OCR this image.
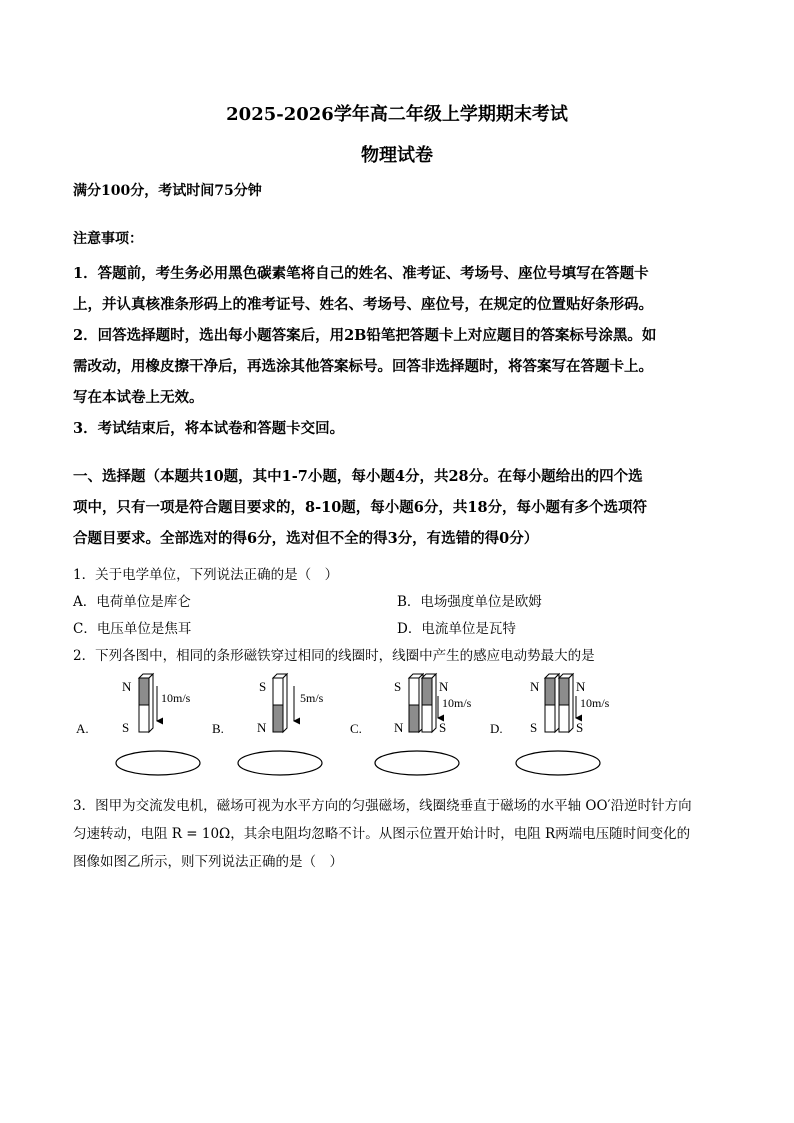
2025-2026学年高二年级上学期期末考试
物理试卷
满分100分，考试时间75分钟
注意事项：
1．答题前，考生务必用黑色碳素笔将自己的姓名、准考证、考场号、座位号填写在答题卡
上，并认真核准条形码上的准考证号、姓名、考场号、座位号，在规定的位置贴好条形码。
2．回答选择题时，选出每小题答案后，用2B铅笔把答题卡上对应题目的答案标号涂黑。如
需改动，用橡皮擦干净后，再选涂其他答案标号。回答非选择题时，将答案写在答题卡上。
写在本试卷上无效。
3．考试结束后，将本试卷和答题卡交回。
一、选择题（本题共10题，其中1-7小题，每小题4分，共28分。在每小题给出的四个选
项中，只有一项是符合题目要求的，8-10题，每小题6分，共18分，每小题有多个选项符
合题目要求。全部选对的得6分，选对但不全的得3分，有选错的得0分）
1．关于电学单位，下列说法正确的是（　）
A．电荷单位是库仑	B．电场强度单位是欧姆
C．电压单位是焦耳	D．电流单位是瓦特
2．下列各图中，相同的条形磁铁穿过相同的线圈时，线圈中产生的感应电动势最大的是
A.
N
S
10m/s
B.
S
N
5m/s
C.
S
N
N
S
10m/s
D.
N
S
N
S
10m/s
3．图甲为交流发电机，磁场可视为水平方向的匀强磁场，线圈绕垂直于磁场的水平轴 OO′沿逆时针方向
匀速转动，电阻 R = 10Ω，其余电阻均忽略不计。从图示位置开始计时，电阻 R两端电压随时间变化的
图像如图乙所示，则下列说法正确的是（　）
